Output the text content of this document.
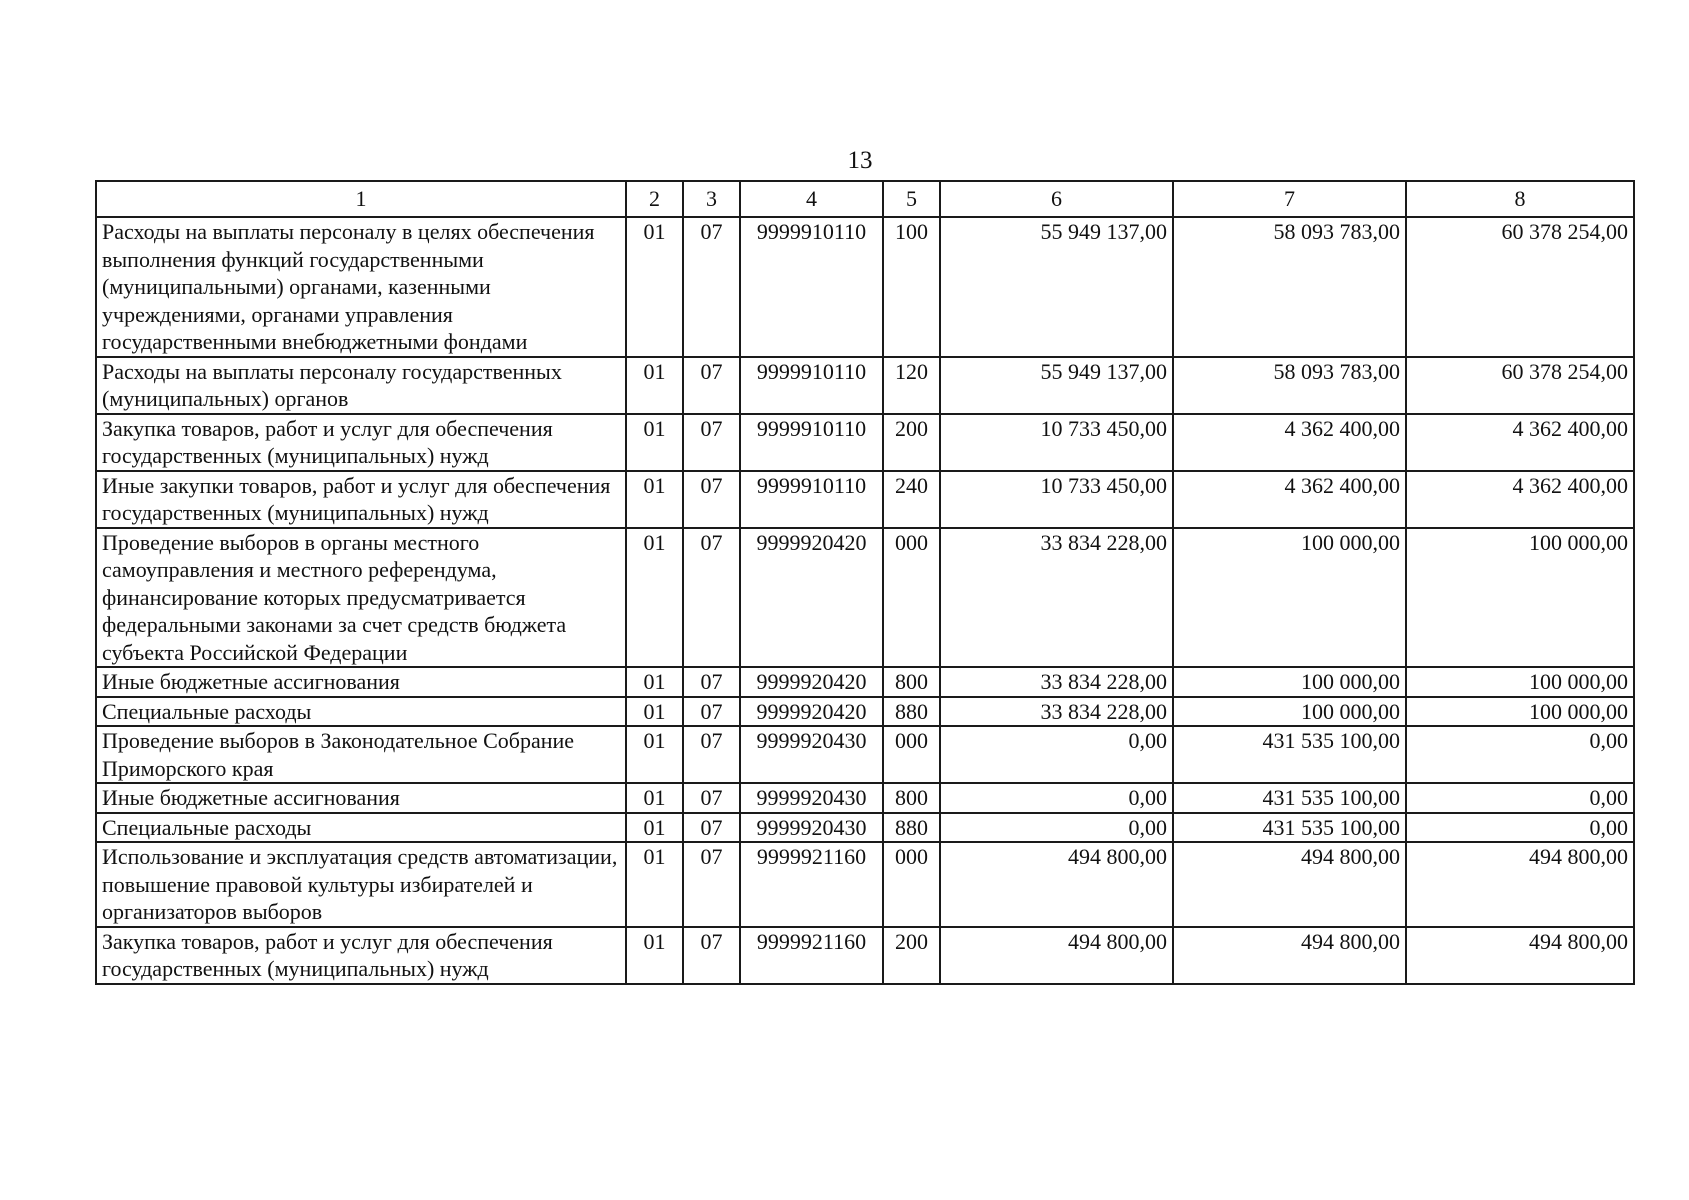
13
1	2	3	4	5	6	7	8
Расходы на выплаты персоналу в целях обеспечения выполнения функций государственными (муниципальными) органами, казенными учреждениями, органами управления государственными внебюджетными фондами	01	07	9999910110	100	55 949 137,00	58 093 783,00	60 378 254,00
Расходы на выплаты персоналу государственных (муниципальных) органов	01	07	9999910110	120	55 949 137,00	58 093 783,00	60 378 254,00
Закупка товаров, работ и услуг для обеспечения государственных (муниципальных) нужд	01	07	9999910110	200	10 733 450,00	4 362 400,00	4 362 400,00
Иные закупки товаров, работ и услуг для обеспечения государственных (муниципальных) нужд	01	07	9999910110	240	10 733 450,00	4 362 400,00	4 362 400,00
Проведение выборов в органы местного самоуправления и местного референдума, финансирование которых предусматривается федеральными законами за счет средств бюджета субъекта Российской Федерации	01	07	9999920420	000	33 834 228,00	100 000,00	100 000,00
Иные бюджетные ассигнования	01	07	9999920420	800	33 834 228,00	100 000,00	100 000,00
Специальные расходы	01	07	9999920420	880	33 834 228,00	100 000,00	100 000,00
Проведение выборов в Законодательное Собрание Приморского края	01	07	9999920430	000	0,00	431 535 100,00	0,00
Иные бюджетные ассигнования	01	07	9999920430	800	0,00	431 535 100,00	0,00
Специальные расходы	01	07	9999920430	880	0,00	431 535 100,00	0,00
Использование и эксплуатация средств автоматизации, повышение правовой культуры избирателей и организаторов выборов	01	07	9999921160	000	494 800,00	494 800,00	494 800,00
Закупка товаров, работ и услуг для обеспечения государственных (муниципальных) нужд	01	07	9999921160	200	494 800,00	494 800,00	494 800,00
